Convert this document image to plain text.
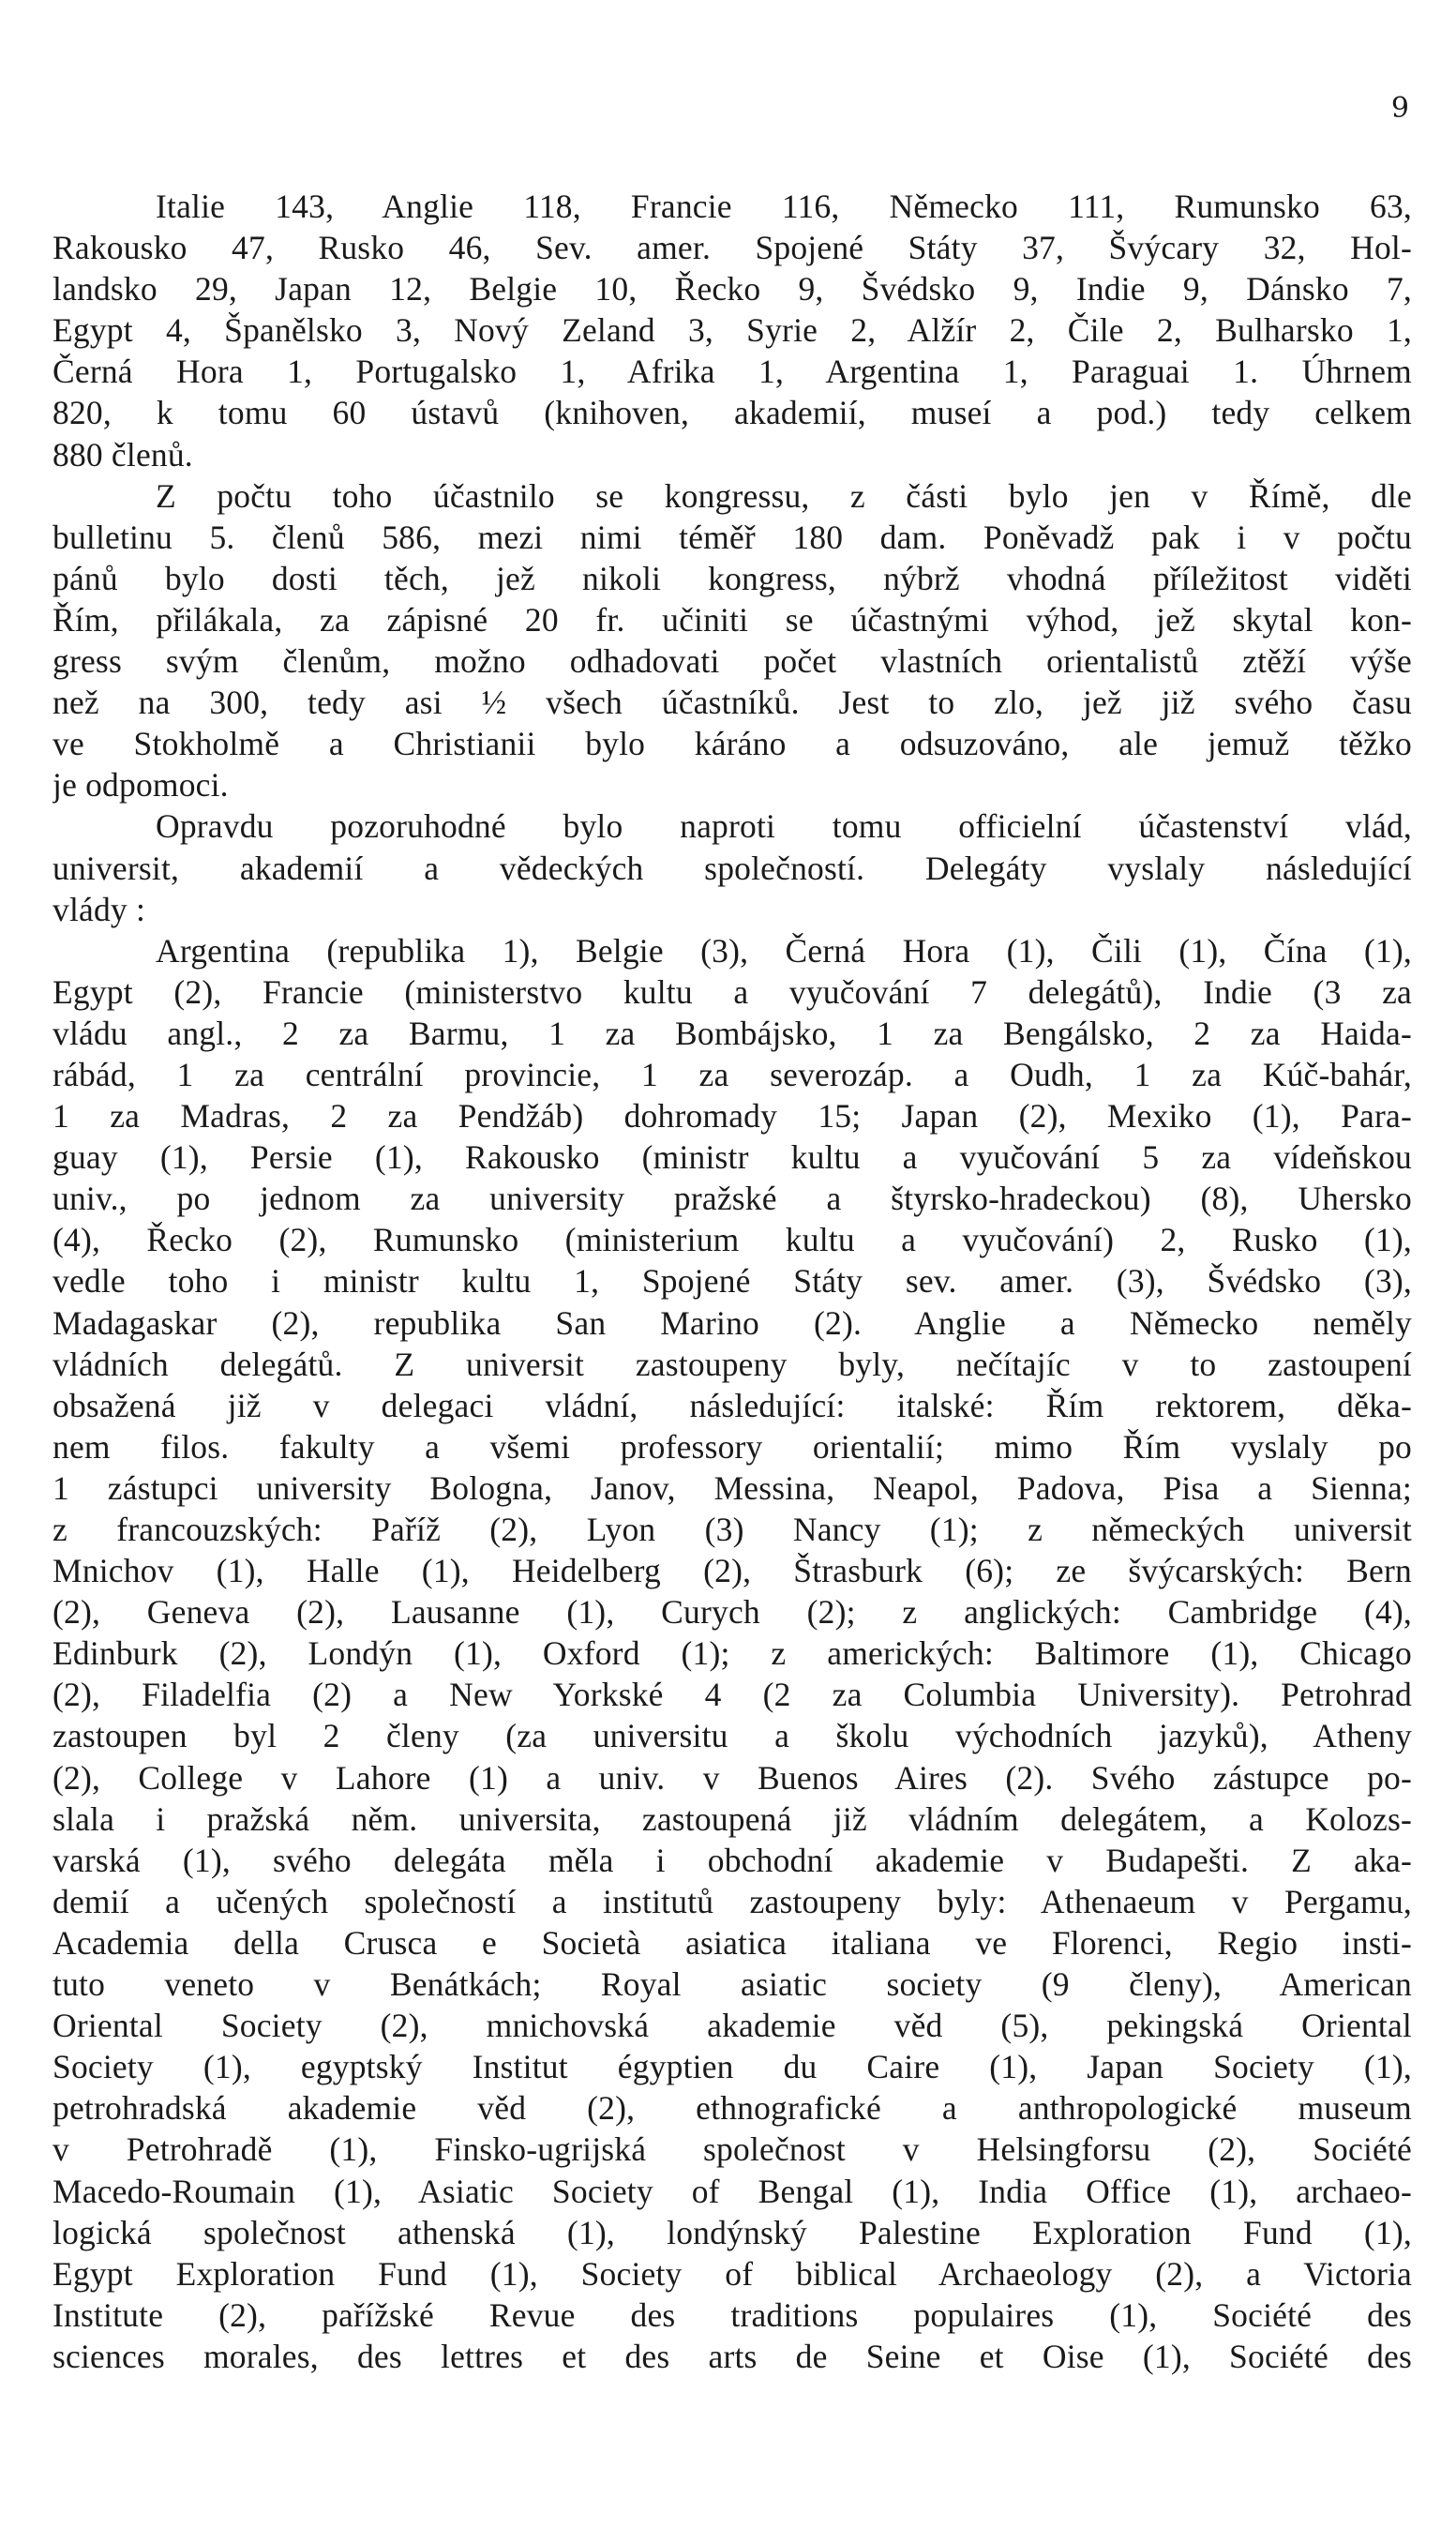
9
Italie 143, Anglie 118, Francie 116, Německo 111, Rumunsko 63,
Rakousko 47, Rusko 46, Sev. amer. Spojené Státy 37, Švýcary 32, Hol-
landsko 29, Japan 12, Belgie 10, Řecko 9, Švédsko 9, Indie 9, Dánsko 7,
Egypt 4, Španělsko 3, Nový Zeland 3, Syrie 2, Alžír 2, Čile 2, Bulharsko 1,
Černá Hora 1, Portugalsko 1, Afrika 1, Argentina 1, Paraguai 1. Úhrnem
820, k tomu 60 ústavů (knihoven, akademií, museí a pod.) tedy celkem
880 členů.
Z počtu toho účastnilo se kongressu, z části bylo jen v Římě, dle
bulletinu 5. členů 586, mezi nimi téměř 180 dam. Poněvadž pak i v počtu
pánů bylo dosti těch, jež nikoli kongress, nýbrž vhodná příležitost viděti
Řím, přilákala, za zápisné 20 fr. učiniti se účastnými výhod, jež skytal kon-
gress svým členům, možno odhadovati počet vlastních orientalistů ztěží výše
než na 300, tedy asi ½ všech účastníků. Jest to zlo, jež již svého času
ve Stokholmě a Christianii bylo káráno a odsuzováno, ale jemuž těžko
je odpomoci.
Opravdu pozoruhodné bylo naproti tomu officielní účastenství vlád,
universit, akademií a vědeckých společností. Delegáty vyslaly následující
vlády :
Argentina (republika 1), Belgie (3), Černá Hora (1), Čili (1), Čína (1),
Egypt (2), Francie (ministerstvo kultu a vyučování 7 delegátů), Indie (3 za
vládu angl., 2 za Barmu, 1 za Bombájsko, 1 za Bengálsko, 2 za Haida-
rábád, 1 za centrální provincie, 1 za severozáp. a Oudh, 1 za Kúč-bahár,
1 za Madras, 2 za Pendžáb) dohromady 15; Japan (2), Mexiko (1), Para-
guay (1), Persie (1), Rakousko (ministr kultu a vyučování 5 za vídeňskou
univ., po jednom za university pražské a štyrsko-hradeckou) (8), Uhersko
(4), Řecko (2), Rumunsko (ministerium kultu a vyučování) 2, Rusko (1),
vedle toho i ministr kultu 1, Spojené Státy sev. amer. (3), Švédsko (3),
Madagaskar (2), republika San Marino (2). Anglie a Německo neměly
vládních delegátů. Z universit zastoupeny byly, nečítajíc v to zastoupení
obsažená již v delegaci vládní, následující: italské: Řím rektorem, děka-
nem filos. fakulty a všemi professory orientalií; mimo Řím vyslaly po
1 zástupci university Bologna, Janov, Messina, Neapol, Padova, Pisa a Sienna;
z francouzských: Paříž (2), Lyon (3) Nancy (1); z německých universit
Mnichov (1), Halle (1), Heidelberg (2), Štrasburk (6); ze švýcarských: Bern
(2), Geneva (2), Lausanne (1), Curych (2); z anglických: Cambridge (4),
Edinburk (2), Londýn (1), Oxford (1); z amerických: Baltimore (1), Chicago
(2), Filadelfia (2) a New Yorkské 4 (2 za Columbia University). Petrohrad
zastoupen byl 2 členy (za universitu a školu východních jazyků), Atheny
(2), College v Lahore (1) a univ. v Buenos Aires (2). Svého zástupce po-
slala i pražská něm. universita, zastoupená již vládním delegátem, a Kolozs-
varská (1), svého delegáta měla i obchodní akademie v Budapešti. Z aka-
demií a učených společností a institutů zastoupeny byly: Athenaeum v Pergamu,
Academia della Crusca e Società asiatica italiana ve Florenci, Regio insti-
tuto veneto v Benátkách; Royal asiatic society (9 členy), American
Oriental Society (2), mnichovská akademie věd (5), pekingská Oriental
Society (1), egyptský Institut égyptien du Caire (1), Japan Society (1),
petrohradská akademie věd (2), ethnografické a anthropologické museum
v Petrohradě (1), Finsko-ugrijská společnost v Helsingforsu (2), Société
Macedo-Roumain (1), Asiatic Society of Bengal (1), India Office (1), archaeo-
logická společnost athenská (1), londýnský Palestine Exploration Fund (1),
Egypt Exploration Fund (1), Society of biblical Archaeology (2), a Victoria
Institute (2), pařížské Revue des traditions populaires (1), Société des
sciences morales, des lettres et des arts de Seine et Oise (1), Société des
